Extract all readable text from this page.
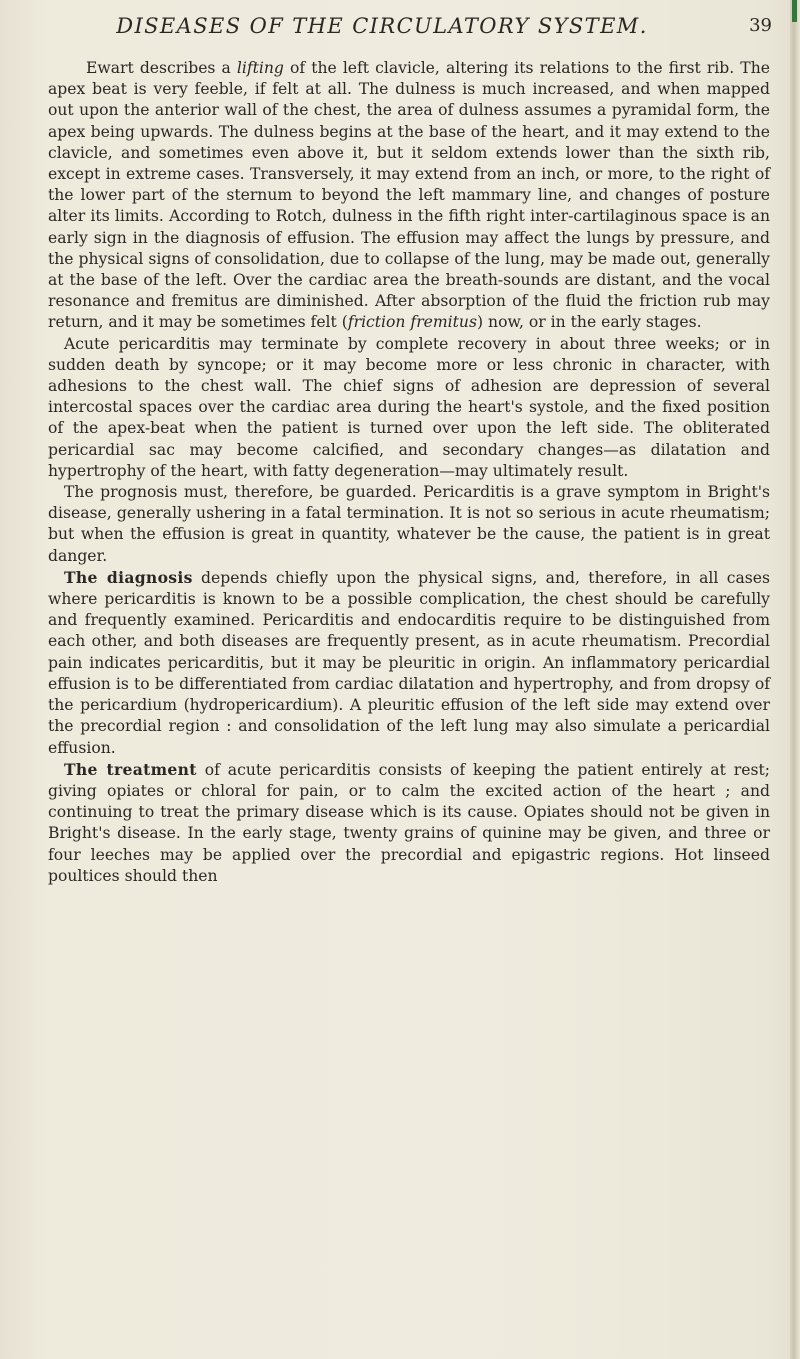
DISEASES OF THE CIRCULATORY SYSTEM.	39

Ewart describes a lifting of the left clavicle, altering its relations to the first rib. The apex beat is very feeble, if felt at all. The dulness is much increased, and when mapped out upon the anterior wall of the chest, the area of dulness assumes a pyramidal form, the apex being upwards. The dulness begins at the base of the heart, and it may extend to the clavicle, and sometimes even above it, but it seldom extends lower than the sixth rib, except in extreme cases. Transversely, it may extend from an inch, or more, to the right of the lower part of the sternum to beyond the left mammary line, and changes of posture alter its limits. According to Rotch, dulness in the fifth right inter-cartilaginous space is an early sign in the diagnosis of effusion. The effusion may affect the lungs by pressure, and the physical signs of consolidation, due to collapse of the lung, may be made out, generally at the base of the left. Over the cardiac area the breath-sounds are distant, and the vocal resonance and fremitus are diminished. After absorption of the fluid the friction rub may return, and it may be sometimes felt (friction fremitus) now, or in the early stages.

Acute pericarditis may terminate by complete recovery in about three weeks; or in sudden death by syncope; or it may become more or less chronic in character, with adhesions to the chest wall. The chief signs of adhesion are depression of several intercostal spaces over the cardiac area during the heart's systole, and the fixed position of the apex-beat when the patient is turned over upon the left side. The obliterated pericardial sac may become calcified, and secondary changes—as dilatation and hypertrophy of the heart, with fatty degeneration—may ultimately result.

The prognosis must, therefore, be guarded. Pericarditis is a grave symptom in Bright's disease, generally ushering in a fatal termination. It is not so serious in acute rheumatism; but when the effusion is great in quantity, whatever be the cause, the patient is in great danger.

The diagnosis depends chiefly upon the physical signs, and, therefore, in all cases where pericarditis is known to be a possible complication, the chest should be carefully and frequently examined. Pericarditis and endocarditis require to be distinguished from each other, and both diseases are frequently present, as in acute rheumatism. Precordial pain indicates pericarditis, but it may be pleuritic in origin. An inflammatory pericardial effusion is to be differentiated from cardiac dilatation and hypertrophy, and from dropsy of the pericardium (hydropericardium). A pleuritic effusion of the left side may extend over the precordial region : and consolidation of the left lung may also simulate a pericardial effusion.

The treatment of acute pericarditis consists of keeping the patient entirely at rest; giving opiates or chloral for pain, or to calm the excited action of the heart ; and continuing to treat the primary disease which is its cause. Opiates should not be given in Bright's disease. In the early stage, twenty grains of quinine may be given, and three or four leeches may be applied over the precordial and epigastric regions. Hot linseed poultices should then
